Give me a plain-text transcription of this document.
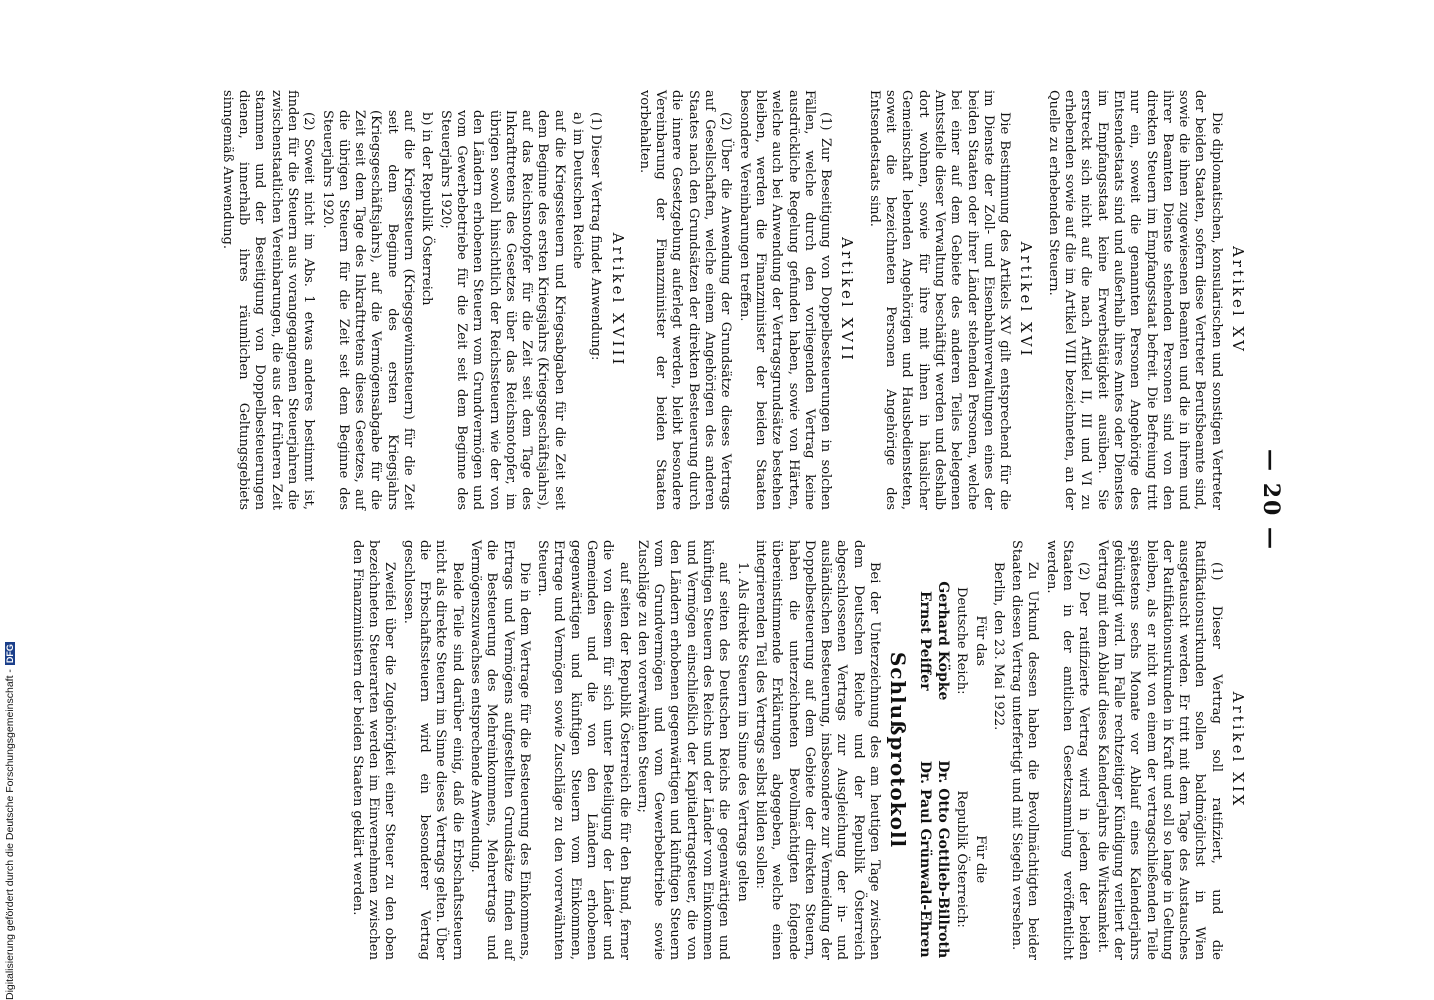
— 20 —
Artikel XV

Die diplomatischen, konsularischen und sonstigen Vertreter der beiden Staaten, sofern diese Vertreter Berufsbeamte sind, sowie die ihnen zugewiesenen Beamten und die in ihrem und ihrer Beamten Dienste stehenden Personen sind von den direkten Steuern im Empfangsstaat befreit. Die Befreiung tritt nur ein, soweit die genannten Personen Angehörige des Entsendestaats sind und außerhalb ihres Amtes oder Dienstes im Empfangsstaat keine Erwerbstätigkeit ausüben. Sie erstreckt sich nicht auf die nach Artikel II, III und VI zu erhebenden sowie auf die im Artikel VIII bezeichneten, an der Quelle zu erhebenden Steuern.

Artikel XVI

Die Bestimmung des Artikels XV gilt entsprechend für die im Dienste der Zoll- und Eisenbahnverwaltungen eines der beiden Staaten oder ihrer Länder stehenden Personen, welche bei einer auf dem Gebiete des anderen Teiles belegenen Amtsstelle dieser Verwaltung beschäftigt werden und deshalb dort wohnen, sowie für ihre mit ihnen in häuslicher Gemeinschaft lebenden Angehörigen und Hausbediensteten, soweit die bezeichneten Personen Angehörige des Entsendestaats sind.

Artikel XVII

(1) Zur Beseitigung von Doppelbesteuerungen in solchen Fällen, welche durch den vorliegenden Vertrag keine ausdrückliche Regelung gefunden haben, sowie von Härten, welche auch bei Anwendung der Vertragsgrundsätze bestehen bleiben, werden die Finanzminister der beiden Staaten besondere Vereinbarungen treffen.

(2) Über die Anwendung der Grundsätze dieses Vertrags auf Gesellschaften, welche einem Angehörigen des anderen Staates nach den Grundsätzen der direkten Besteuerung durch die innere Gesetzgebung auferlegt werden, bleibt besondere Vereinbarung der Finanzminister der beiden Staaten vorbehalten.

Artikel XVIII

(1) Dieser Vertrag findet Anwendung:

a) im Deutschen Reiche

auf die Kriegssteuern und Kriegsabgaben für die Zeit seit dem Beginne des ersten Kriegsjahrs (Kriegsgeschäftsjahrs), auf das Reichsnotopfer für die Zeit seit dem Tage des Inkrafttretens des Gesetzes über das Reichsnotopfer, im übrigen sowohl hinsichtlich der Reichssteuern wie der von den Ländern erhobenen Steuern vom Grundvermögen und vom Gewerbebetriebe für die Zeit seit dem Beginne des Steuerjahrs 1920;

b) in der Republik Österreich

auf die Kriegssteuern (Kriegsgewinnsteuern) für die Zeit seit dem Beginne des ersten Kriegsjahrs (Kriegsgeschäftsjahrs), auf die Vermögensabgabe für die Zeit seit dem Tage des Inkrafttretens dieses Gesetzes, auf die übrigen Steuern für die Zeit seit dem Beginne des Steuerjahrs 1920.

(2) Soweit nicht im Abs. 1 etwas anderes bestimmt ist, finden für die Steuern aus vorangegangenen Steuerjahren die zwischenstaatlichen Vereinbarungen, die aus der früheren Zeit stammen und der Beseitigung von Doppelbesteuerungen dienen, innerhalb ihres räumlichen Geltungsgebiets sinngemäß Anwendung.

Artikel XIX

(1) Dieser Vertrag soll ratifiziert, und die Ratifikationsurkunden sollen baldmöglichst in Wien ausgetauscht werden. Er tritt mit dem Tage des Austausches der Ratifikationsurkunden in Kraft und soll so lange in Geltung bleiben, als er nicht von einem der vertragschließenden Teile spätestens sechs Monate vor Ablauf eines Kalenderjahrs gekündigt wird. Im Falle rechtzeitiger Kündigung verliert der Vertrag mit dem Ablauf dieses Kalenderjahrs die Wirksamkeit.

(2) Der ratifizierte Vertrag wird in jedem der beiden Staaten in der amtlichen Gesetzsammlung veröffentlicht werden.

Zu Urkund dessen haben die Bevollmächtigten beider Staaten diesen Vertrag unterfertigt und mit Siegeln versehen.

Berlin, den 23. Mai 1922.

Für das
Für die
Deutsche Reich:
Republik Österreich:
Gerhard Köpke
Dr. Otto Gottlieb-Billroth
Ernst Peiffer
Dr. Paul Grünwald-Ehren
Schlußprotokoll

Bei der Unterzeichnung des am heutigen Tage zwischen dem Deutschen Reiche und der Republik Österreich abgeschlossenen Vertrags zur Ausgleichung der in- und ausländischen Besteuerung, insbesondere zur Vermeidung der Doppelbesteuerung auf dem Gebiete der direkten Steuern, haben die unterzeichneten Bevollmächtigten folgende übereinstimmende Erklärungen abgegeben, welche einen integrierenden Teil des Vertrags selbst bilden sollen:

1. Als direkte Steuern im Sinne des Vertrags gelten

auf seiten des Deutschen Reichs die gegenwärtigen und künftigen Steuern des Reichs und der Länder vom Einkommen und Vermögen einschließlich der Kapitalertragsteuer, die von den Ländern erhobenen gegenwärtigen und künftigen Steuern vom Grundvermögen und vom Gewerbebetriebe sowie Zuschläge zu den vorerwähnten Steuern;

auf seiten der Republik Österreich die für den Bund, ferner die von diesem für sich unter Beteiligung der Länder und Gemeinden und die von den Ländern erhobenen gegenwärtigen und künftigen Steuern vom Einkommen, Ertrage und Vermögen sowie Zuschläge zu den vorerwähnten Steuern.

Die in dem Vertrage für die Besteuerung des Einkommens, Ertrags und Vermögens aufgestellten Grundsätze finden auf die Besteuerung des Mehreinkommens, Mehrertrags und Vermögenszuwachses entsprechende Anwendung.

Beide Teile sind darüber einig, daß die Erbschaftssteuern nicht als direkte Steuern im Sinne dieses Vertrags gelten. Über die Erbschaftssteuern wird ein besonderer Vertrag geschlossen.

Zweifel über die Zugehörigkeit einer Steuer zu den oben bezeichneten Steuerarten werden im Einvernehmen zwischen den Finanzministern der beiden Staaten geklärt werden.

Digitalisierung gefördert durch die Deutsche Forschungsgemeinschaft -DFG
